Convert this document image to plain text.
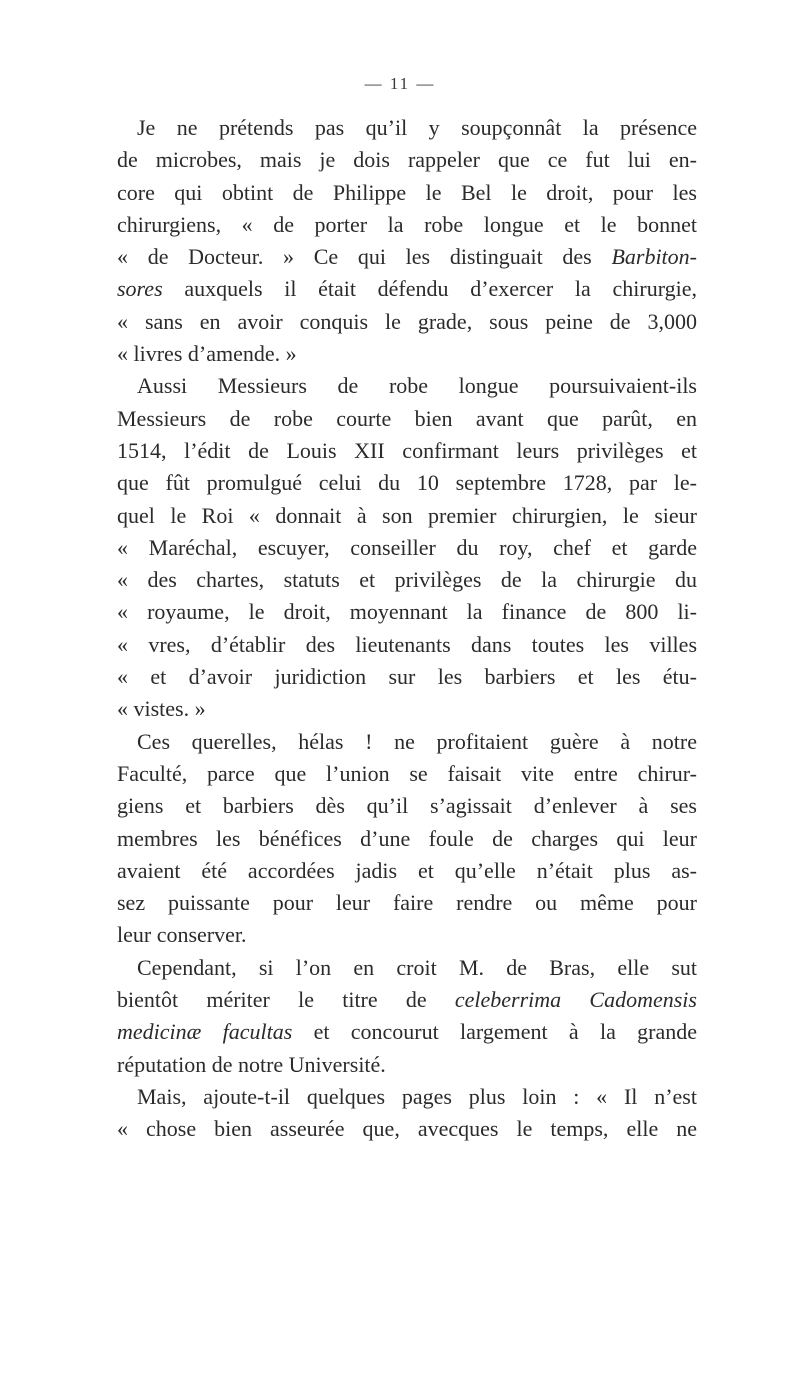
— 11 —
Je ne prétends pas qu’il y soupçonnât la présence
de microbes, mais je dois rappeler que ce fut lui en-
core qui obtint de Philippe le Bel le droit, pour les
chirurgiens, « de porter la robe longue et le bonnet
« de Docteur. » Ce qui les distinguait des Barbiton-
sores auxquels il était défendu d’exercer la chirurgie,
« sans en avoir conquis le grade, sous peine de 3,000
« livres d’amende. »
Aussi Messieurs de robe longue poursuivaient-ils
Messieurs de robe courte bien avant que parût, en
1514, l’édit de Louis XII confirmant leurs privilèges et
que fût promulgué celui du 10 septembre 1728, par le-
quel le Roi « donnait à son premier chirurgien, le sieur
« Maréchal, escuyer, conseiller du roy, chef et garde
« des chartes, statuts et privilèges de la chirurgie du
« royaume, le droit, moyennant la finance de 800 li-
« vres, d’établir des lieutenants dans toutes les villes
« et d’avoir juridiction sur les barbiers et les étu-
« vistes. »
Ces querelles, hélas ! ne profitaient guère à notre
Faculté, parce que l’union se faisait vite entre chirur-
giens et barbiers dès qu’il s’agissait d’enlever à ses
membres les bénéfices d’une foule de charges qui leur
avaient été accordées jadis et qu’elle n’était plus as-
sez puissante pour leur faire rendre ou même pour
leur conserver.
Cependant, si l’on en croit M. de Bras, elle sut
bientôt mériter le titre de celeberrima Cadomensis
medicinæ facultas et concourut largement à la grande
réputation de notre Université.
Mais, ajoute-t-il quelques pages plus loin : « Il n’est
« chose bien asseurée que, avecques le temps, elle ne
